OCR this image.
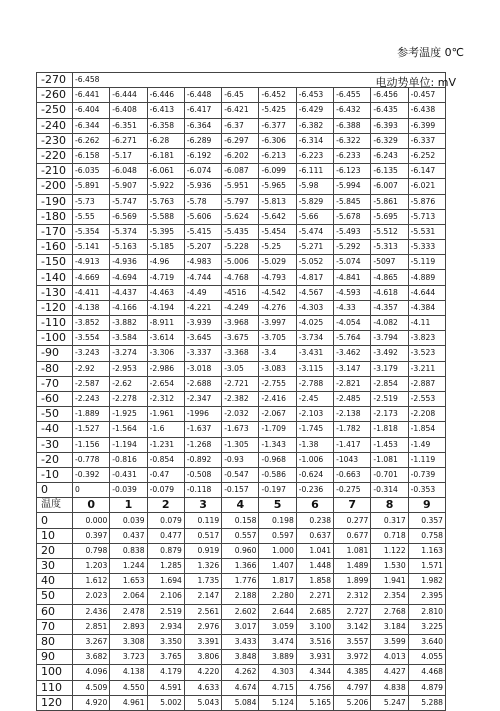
参考温度 0℃
-270	-6.458									
-260	-6.441	-6.444	-6.446	-6.448	-6.45	-6.452	-6.453	-6.455	-6.456	-0.457
-250	-6.404	-6.408	-6.413	-6.417	-6.421	-5.425	-6.429	-6.432	-6.435	-6.438
-240	-6.344	-6.351	-6.358	-6.364	-6.37	-6.377	-6.382	-6.388	-6.393	-6.399
-230	-6.262	-6.271	-6.28	-6.289	-6.297	-6.306	-6.314	-6.322	-6.329	-6.337
-220	-6.158	-5.17	-6.181	-6.192	-6.202	-6.213	-6.223	-6.233	-6.243	-6.252
-210	-6.035	-6.048	-6.061	-6.074	-6.087	-6.099	-6.111	-6.123	-6.135	-6.147
-200	-5.891	-5.907	-5.922	-5.936	-5.951	-5.965	-5.98	-5.994	-6.007	-6.021
-190	-5.73	-5.747	-5.763	-5.78	-5.797	-5.813	-5.829	-5.845	-5.861	-5.876
-180	-5.55	-6.569	-5.588	-5.606	-5.624	-5.642	-5.66	-5.678	-5.695	-5.713
-170	-5.354	-5.374	-5.395	-5.415	-5.435	-5.454	-5.474	-5.493	-5.512	-5.531
-160	-5.141	-5.163	-5.185	-5.207	-5.228	-5.25	-5.271	-5.292	-5.313	-5.333
-150	-4.913	-4.936	-4.96	-4.983	-5.006	-5.029	-5.052	-5.074	-5097	-5.119
-140	-4.669	-4.694	-4.719	-4.744	-4.768	-4.793	-4.817	-4.841	-4.865	-4.889
-130	-4.411	-4.437	-4.463	-4.49	-4516	-4.542	-4.567	-4.593	-4.618	-4.644
-120	-4.138	-4.166	-4.194	-4.221	-4.249	-4.276	-4.303	-4.33	-4.357	-4.384
-110	-3.852	-3.882	-8.911	-3.939	-3.968	-3.997	-4.025	-4.054	-4.082	-4.11
-100	-3.554	-3.584	-3.614	-3.645	-3.675	-3.705	-3.734	-5.764	-3.794	-3.823
-90	-3.243	-3.274	-3.306	-3.337	-3.368	-3.4	-3.431	-3.462	-3.492	-3.523
-80	-2.92	-2.953	-2.986	-3.018	-3.05	-3.083	-3.115	-3.147	-3.179	-3.211
-70	-2.587	-2.62	-2.654	-2.688	-2.721	-2.755	-2.788	-2.821	-2.854	-2.887
-60	-2.243	-2.278	-2.312	-2.347	-2.382	-2.416	-2.45	-2.485	-2.519	-2.553
-50	-1.889	-1.925	-1.961	-1996	-2.032	-2.067	-2.103	-2.138	-2.173	-2.208
-40	-1.527	-1.564	-1.6	-1.637	-1.673	-1.709	-1.745	-1.782	-1.818	-1.854
-30	-1.156	-1.194	-1.231	-1.268	-1.305	-1.343	-1.38	-1.417	-1.453	-1.49
-20	-0.778	-0.816	-0.854	-0.892	-0.93	-0.968	-1.006	-1043	-1.081	-1.119
-10	-0.392	-0.431	-0.47	-0.508	-0.547	-0.586	-0.624	-0.663	-0.701	-0.739
0	0	-0.039	-0.079	-0.118	-0.157	-0.197	-0.236	-0.275	-0.314	-0.353
温度	0	1	2	3	4	5	6	7	8	9
0	0.000	0.039	0.079	0.119	0.158	0.198	0.238	0.277	0.317	0.357
10	0.397	0.437	0.477	0.517	0.557	0.597	0.637	0.677	0.718	0.758
20	0.798	0.838	0.879	0.919	0.960	1.000	1.041	1.081	1.122	1.163
30	1.203	1.244	1.285	1.326	1.366	1.407	1.448	1.489	1.530	1.571
40	1.612	1.653	1.694	1.735	1.776	1.817	1.858	1.899	1.941	1.982
50	2.023	2.064	2.106	2.147	2.188	2.280	2.271	2.312	2.354	2.395
60	2.436	2.478	2.519	2.561	2.602	2.644	2.685	2.727	2.768	2.810
70	2.851	2.893	2.934	2.976	3.017	3.059	3.100	3.142	3.184	3.225
80	3.267	3.308	3.350	3.391	3.433	3.474	3.516	3.557	3.599	3.640
90	3.682	3.723	3.765	3.806	3.848	3.889	3.931	3.972	4.013	4.055
100	4.096	4.138	4.179	4.220	4.262	4.303	4.344	4.385	4.427	4.468
110	4.509	4.550	4.591	4.633	4.674	4.715	4.756	4.797	4.838	4.879
120	4.920	4.961	5.002	5.043	5.084	5.124	5.165	5.206	5.247	5.288
电动势单位: mV
